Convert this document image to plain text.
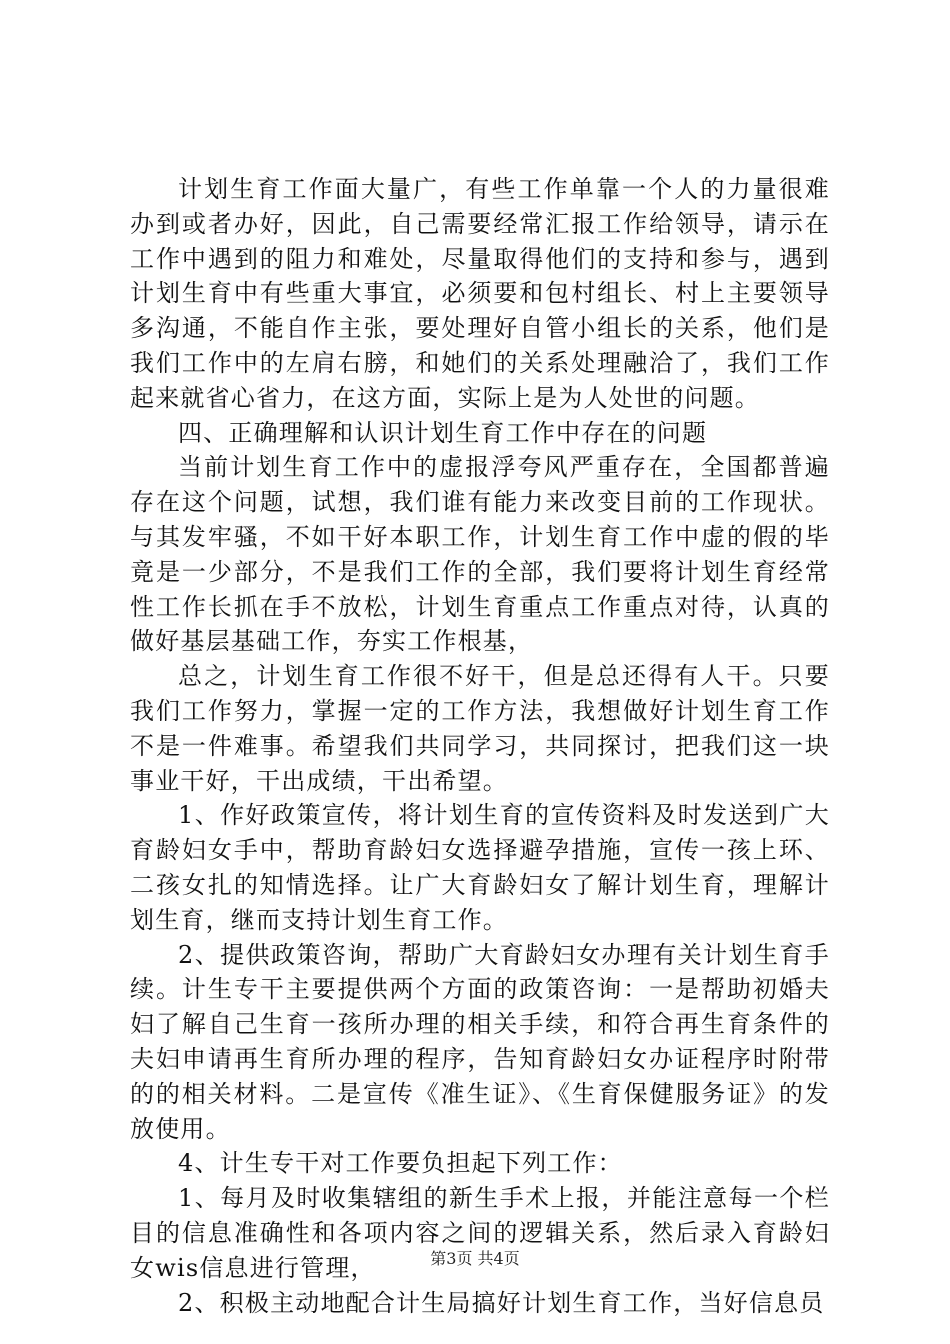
计划生育工作面大量广，有些工作单靠一个人的力量很难办到或者办好，因此，自己需要经常汇报工作给领导，请示在工作中遇到的阻力和难处，尽量取得他们的支持和参与，遇到计划生育中有些重大事宜，必须要和包村组长、村上主要领导多沟通，不能自作主张，要处理好自管小组长的关系，他们是我们工作中的左肩右膀，和她们的关系处理融洽了，我们工作起来就省心省力，在这方面，实际上是为人处世的问题。

四、正确理解和认识计划生育工作中存在的问题

当前计划生育工作中的虚报浮夸风严重存在，全国都普遍存在这个问题，试想，我们谁有能力来改变目前的工作现状。与其发牢骚，不如干好本职工作，计划生育工作中虚的假的毕竟是一少部分，不是我们工作的全部，我们要将计划生育经常性工作长抓在手不放松，计划生育重点工作重点对待，认真的做好基层基础工作，夯实工作根基，

总之，计划生育工作很不好干，但是总还得有人干。只要我们工作努力，掌握一定的工作方法，我想做好计划生育工作不是一件难事。希望我们共同学习，共同探讨，把我们这一块事业干好，干出成绩，干出希望。

1、作好政策宣传，将计划生育的宣传资料及时发送到广大育龄妇女手中，帮助育龄妇女选择避孕措施，宣传一孩上环、二孩女扎的知情选择。让广大育龄妇女了解计划生育，理解计划生育，继而支持计划生育工作。

2、提供政策咨询，帮助广大育龄妇女办理有关计划生育手续。计生专干主要提供两个方面的政策咨询：一是帮助初婚夫妇了解自己生育一孩所办理的相关手续，和符合再生育条件的夫妇申请再生育所办理的程序，告知育龄妇女办证程序时附带的的相关材料。二是宣传《准生证》、《生育保健服务证》的发放使用。

4、计生专干对工作要负担起下列工作：

1、每月及时收集辖组的新生手术上报，并能注意每一个栏目的信息准确性和各项内容之间的逻辑关系，然后录入育龄妇女wis信息进行管理，

2、积极主动地配合计生局搞好计划生育工作，当好信息员

第3页 共4页
